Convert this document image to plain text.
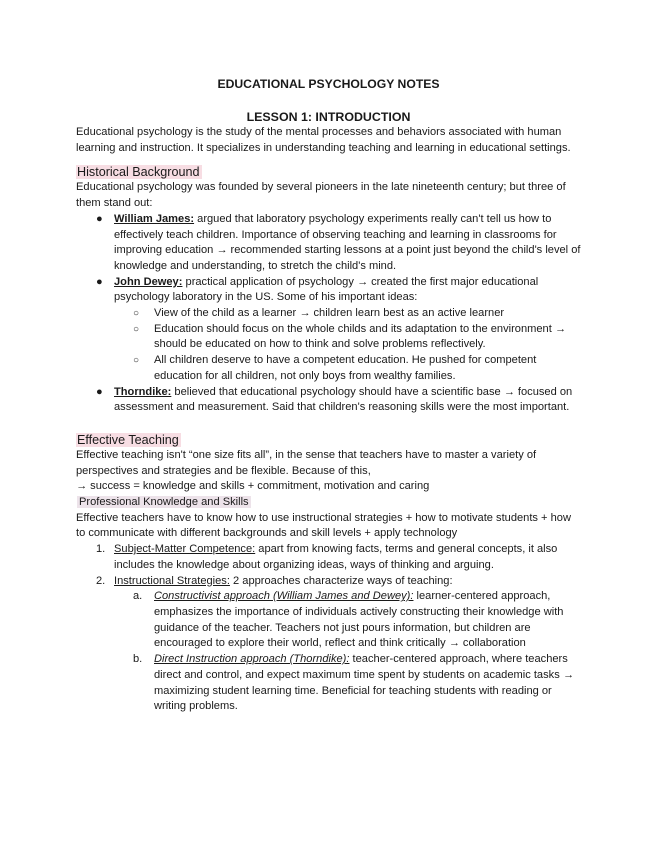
EDUCATIONAL PSYCHOLOGY NOTES

LESSON 1: INTRODUCTION

Educational psychology is the study of the mental processes and behaviors associated with human learning and instruction. It specializes in understanding teaching and learning in educational settings.

Historical Background

Educational psychology was founded by several pioneers in the late nineteenth century; but three of them stand out:

● William James: argued that laboratory psychology experiments really can't tell us how to effectively teach children. Importance of observing teaching and learning in classrooms for improving education → recommended starting lessons at a point just beyond the child's level of knowledge and understanding, to stretch the child's mind.
● John Dewey: practical application of psychology → created the first major educational psychology laboratory in the US. Some of his important ideas:
○ View of the child as a learner → children learn best as an active learner
○ Education should focus on the whole childs and its adaptation to the environment → should be educated on how to think and solve problems reflectively.
○ All children deserve to have a competent education. He pushed for competent education for all children, not only boys from wealthy families.
● Thorndike: believed that educational psychology should have a scientific base → focused on assessment and measurement. Said that children's reasoning skills were the most important.
Effective Teaching

Effective teaching isn't “one size fits all”, in the sense that teachers have to master a variety of perspectives and strategies and be flexible. Because of this,

→ success = knowledge and skills + commitment, motivation and caring

Professional Knowledge and Skills

Effective teachers have to know how to use instructional strategies + how to motivate students + how to communicate with different backgrounds and skill levels + apply technology

1. Subject-Matter Competence: apart from knowing facts, terms and general concepts, it also includes the knowledge about organizing ideas, ways of thinking and arguing.
2. Instructional Strategies: 2 approaches characterize ways of teaching:
a. Constructivist approach (William James and Dewey): learner-centered approach, emphasizes the importance of individuals actively constructing their knowledge with guidance of the teacher. Teachers not just pours information, but children are encouraged to explore their world, reflect and think critically → collaboration
b. Direct Instruction approach (Thorndike): teacher-centered approach, where teachers direct and control, and expect maximum time spent by students on academic tasks → maximizing student learning time. Beneficial for teaching students with reading or writing problems.
